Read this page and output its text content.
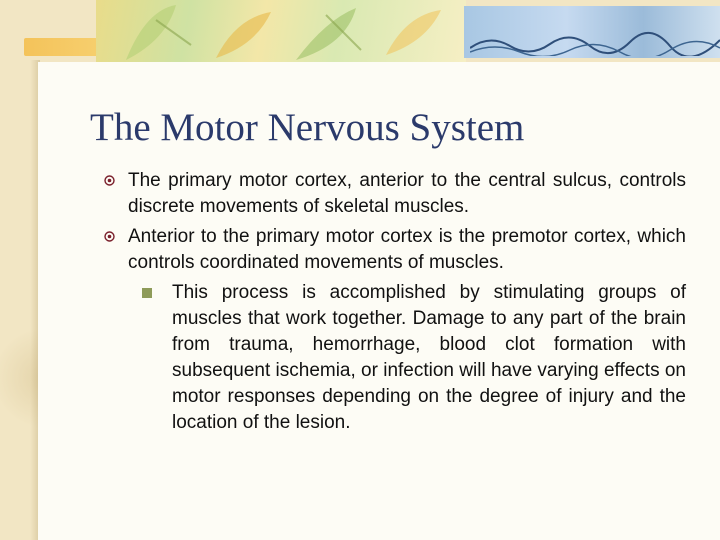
The Motor Nervous System
The primary motor cortex, anterior to the central sulcus, controls discrete movements of skeletal muscles.
Anterior to the primary motor cortex is the premotor cortex, which controls coordinated movements of muscles.
This process is accomplished by stimulating groups of muscles that work together. Damage to any part of the brain from trauma, hemorrhage, blood clot formation with subsequent ischemia, or infection will have varying effects on motor responses depending on the degree of injury and the location of the lesion.
